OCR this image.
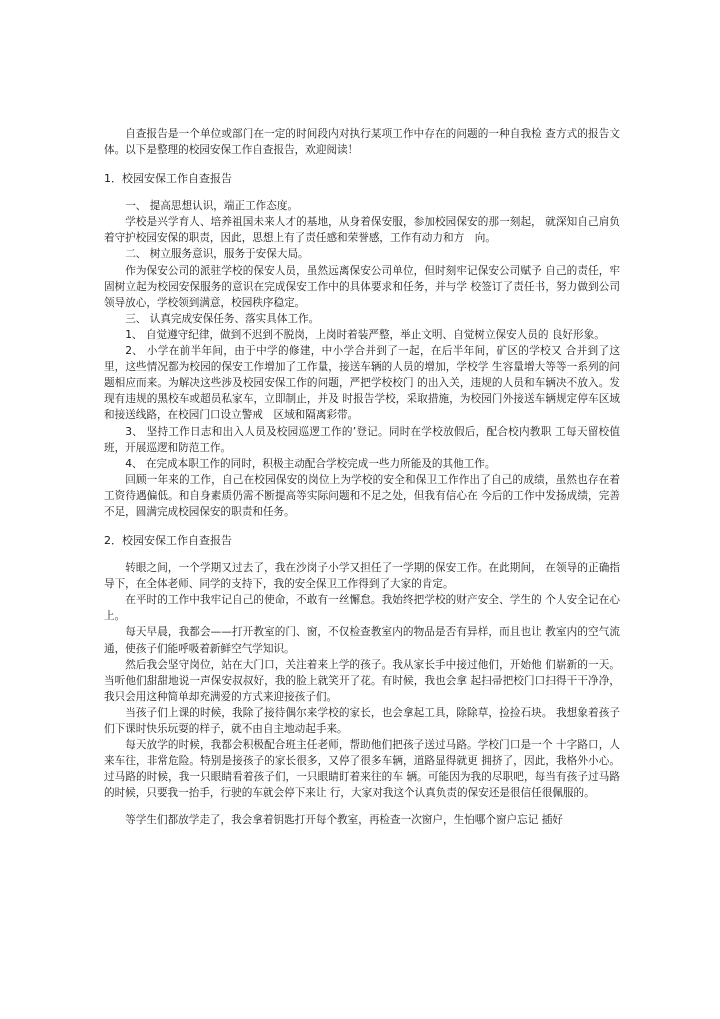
自查报告是一个单位或部门在一定的时间段内对执行某项工作中存在的问题的一种自我检 查方式的报告文体。以下是整理的校园安保工作自查报告，欢迎阅读！

1．校园安保工作自查报告

一、 提高思想认识，端正工作态度。

学校是兴学育人、培养祖国未来人才的基地，从身着保安服，参加校园保安的那一刻起， 就深知自己肩负着守护校园安保的职责，因此，思想上有了责任感和荣誉感，工作有动力和方　向。

二、 树立服务意识，服务于安保大局。

作为保安公司的派驻学校的保安人员，虽然远离保安公司单位，但时刻牢记保安公司赋予 自己的责任，牢固树立起为校园安保服务的意识在完成保安工作中的具体要求和任务，并与学 校签订了责任书，努力做到公司领导放心，学校领到满意，校园秩序稳定。

三、 认真完成安保任务、落实具体工作。

1、 自觉遵守纪律，做到不迟到不脱岗，上岗时着装严整，举止文明、自觉树立保安人员的 良好形象。

2、 小学在前半年间，由于中学的修建，中小学合并到了一起，在后半年间，矿区的学校又 合并到了这里，这些情况都为校园的保安工作增加了工作量，接送车辆的人员的增加，学校学 生容量增大等等一系列的问题相应而来。为解决这些涉及校园安保工作的问题，严把学校校门 的出入关，违规的人员和车辆决不放入。发现有违规的黑校车或超员私家车，立即制止，并及 时报告学校，采取措施，为校园门外接送车辆规定停车区域和接送线路，在校园门口设立警戒　区域和隔离彩带。

3、 坚持工作日志和出入人员及校园巡逻工作的’登记。同时在学校放假后，配合校内教职 工每天留校值班，开展巡逻和防范工作。

4、 在完成本职工作的同时，积极主动配合学校完成一些力所能及的其他工作。

回顾一年来的工作，自己在校园保安的岗位上为学校的安全和保卫工作作出了自己的成绩，虽然也存在着工资待遇偏低。和自身素质仍需不断提高等实际问题和不足之处，但我有信心在 今后的工作中发扬成绩，完善不足，圆满完成校园保安的职责和任务。

2．校园安保工作自查报告

转眼之间，一个学期又过去了，我在沙岗子小学又担任了一学期的保安工作。在此期间， 在领导的正确指导下，在全体老师、同学的支持下，我的安全保卫工作得到了大家的肯定。

在平时的工作中我牢记自己的使命，不敢有一丝懈怠。我始终把学校的财产安全、学生的 个人安全记在心上。

每天早晨，我都会——打开教室的门、窗，不仅检查教室内的物品是否有异样，而且也让 教室内的空气流通，使孩子们能呼吸着新鲜空气学知识。

然后我会坚守岗位，站在大门口，关注着来上学的孩子。我从家长手中接过他们，开始他 们崭新的一天。当听他们甜甜地说一声保安叔叔好，我的脸上就笑开了花。有时候，我也会拿 起扫帚把校门口扫得干干净净，我只会用这种简单却充满爱的方式来迎接孩子们。

当孩子们上课的时候，我除了接待偶尔来学校的家长，也会拿起工具，除除草，捡捡石块。 我想象着孩子们下课时快乐玩耍的样子，就不由自主地动起手来。

每天放学的时候，我都会积极配合班主任老师，帮助他们把孩子送过马路。学校门口是一个 十字路口，人来车往，非常危险。特别是接孩子的家长很多，又停了很多车辆，道路显得就更 拥挤了，因此，我格外小心。过马路的时候，我一只眼睛看着孩子们，一只眼睛盯着来往的车 辆。可能因为我的尽职吧，每当有孩子过马路的时候，只要我一抬手，行驶的车就会停下来让 行，大家对我这个认真负责的保安还是很信任很佩服的。

等学生们都放学走了，我会拿着钥匙打开每个教室，再检查一次窗户，生怕哪个窗户忘记 插好
